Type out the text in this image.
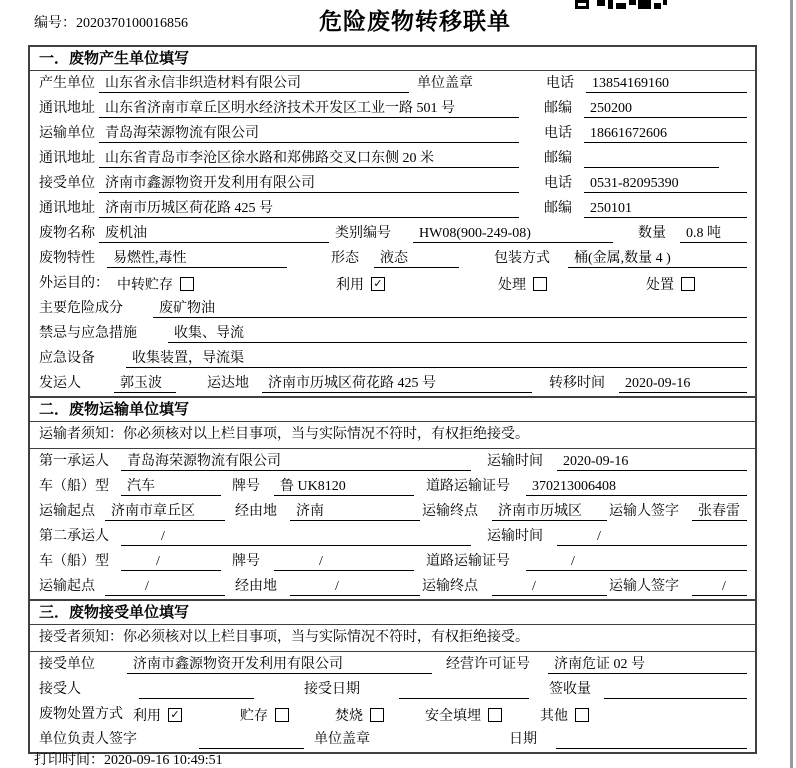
编号：2020370100016856	危险废物转移联单
一．废物产生单位填写
产生单位 山东省永信非织造材料有限公司	单位盖章	电话	13854169160
通讯地址 山东省济南市章丘区明水经济技术开发区工业一路 501 号	邮编	250200
运输单位 青岛海荣源物流有限公司	电话	18661672606
通讯地址 山东省青岛市李沧区徐水路和郑佛路交叉口东侧 20 米	邮编
接受单位 济南市鑫源物资开发利用有限公司	电话	0531-82095390
通讯地址 济南市历城区荷花路 425 号	邮编	250101
废物名称 废机油	类别编号	HW08(900-249-08)	数量	0.8 吨
废物特性	易燃性,毒性	形态	液态	包装方式	桶(金属,数量 4 )
外运目的： 中转贮存	利用 ✓	处理	处置
主要危险成分	废矿物油
禁忌与应急措施	收集、导流
应急设备	收集装置，导流渠
发运人	郭玉波	运达地	济南市历城区荷花路 425 号	转移时间	2020-09-16
二．废物运输单位填写
运输者须知：你必须核对以上栏目事项，当与实际情况不符时，有权拒绝接受。
第一承运人	青岛海荣源物流有限公司	运输时间	2020-09-16
车（船）型	汽车	牌号	鲁 UK8120	道路运输证号	370213006408
运输起点	济南市章丘区	经由地	济南	运输终点	济南市历城区	运输人签字	张春雷
第二承运人	/	运输时间	/
车（船）型	/	牌号	/	道路运输证号	/
运输起点	/	经由地	/	运输终点	/	运输人签字	/
三．废物接受单位填写
接受者须知：你必须核对以上栏目事项，当与实际情况不符时，有权拒绝接受。
接受单位	济南市鑫源物资开发利用有限公司	经营许可证号	济南危证 02 号
接受人	接受日期	签收量
废物处置方式 利用 ✓	贮存	焚烧	安全填埋	其他
单位负责人签字	单位盖章	日期
打印时间：2020-09-16 10:49:51
